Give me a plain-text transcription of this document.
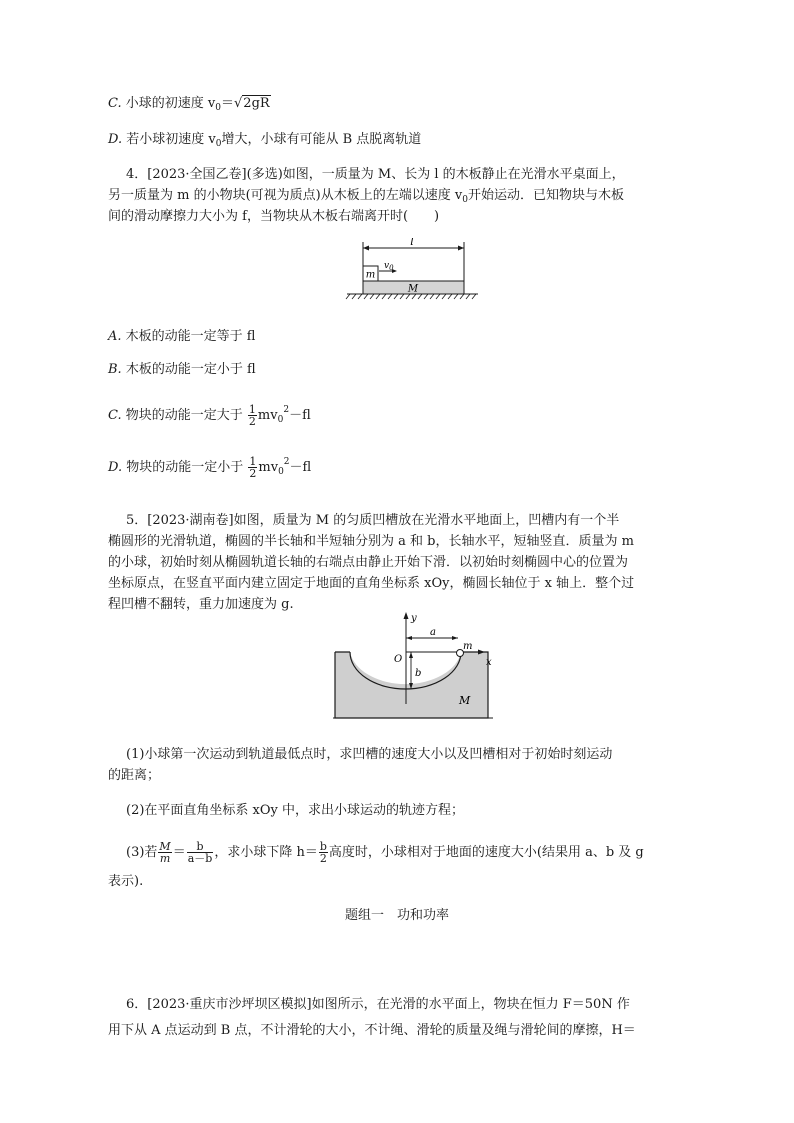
C. 小球的初速度 $v_0=√2gR$
D. 若小球初速度 $v_0$增大，小球有可能从 B 点脱离轨道
4．[2023·全国乙卷](多选)如图，一质量为 M、长为 l 的木板静止在光滑水平桌面上，
另一质量为 m 的小物块(可视为质点)从木板上的左端以速度 $v_0$开始运动．已知物块与木板
间的滑动摩擦力大小为 f，当物块从木板右端离开时(　　)
l
m
$v_0$
M
A. 木板的动能一定等于 fl
B. 木板的动能一定小于 fl
C. 物块的动能一定大于 $\frac{1}{2} mv_0^2-fl$
D. 物块的动能一定小于 $\frac{1}{2} mv_0^2-fl$
5．[2023·湖南卷]如图，质量为 M 的匀质凹槽放在光滑水平地面上，凹槽内有一个半
椭圆形的光滑轨道，椭圆的半长轴和半短轴分别为 a 和 b，长轴水平，短轴竖直．质量为 m
的小球，初始时刻从椭圆轨道长轴的右端点由静止开始下滑．以初始时刻椭圆中心的位置为
坐标原点，在竖直平面内建立固定于地面的直角坐标系 xOy，椭圆长轴位于 x 轴上．整个过
程凹槽不翻转，重力加速度为 g.
y
x
O
a
b
m
M
(1)小球第一次运动到轨道最低点时，求凹槽的速度大小以及凹槽相对于初始时刻运动
的距离；
(2)在平面直角坐标系 xOy 中，求出小球运动的轨迹方程；
(3)若 $\frac{M}{m} = \frac{b}{a-b}$ ，求小球下降 $h= \frac{b}{2}$ 高度时，小球相对于地面的速度大小(结果用 a、b 及 g
表示).
题组一　功和功率
6．[2023·重庆市沙坪坝区模拟]如图所示，在光滑的水平面上，物块在恒力 F＝50N 作
用下从 A 点运动到 B 点，不计滑轮的大小，不计绳、滑轮的质量及绳与滑轮间的摩擦，H＝
